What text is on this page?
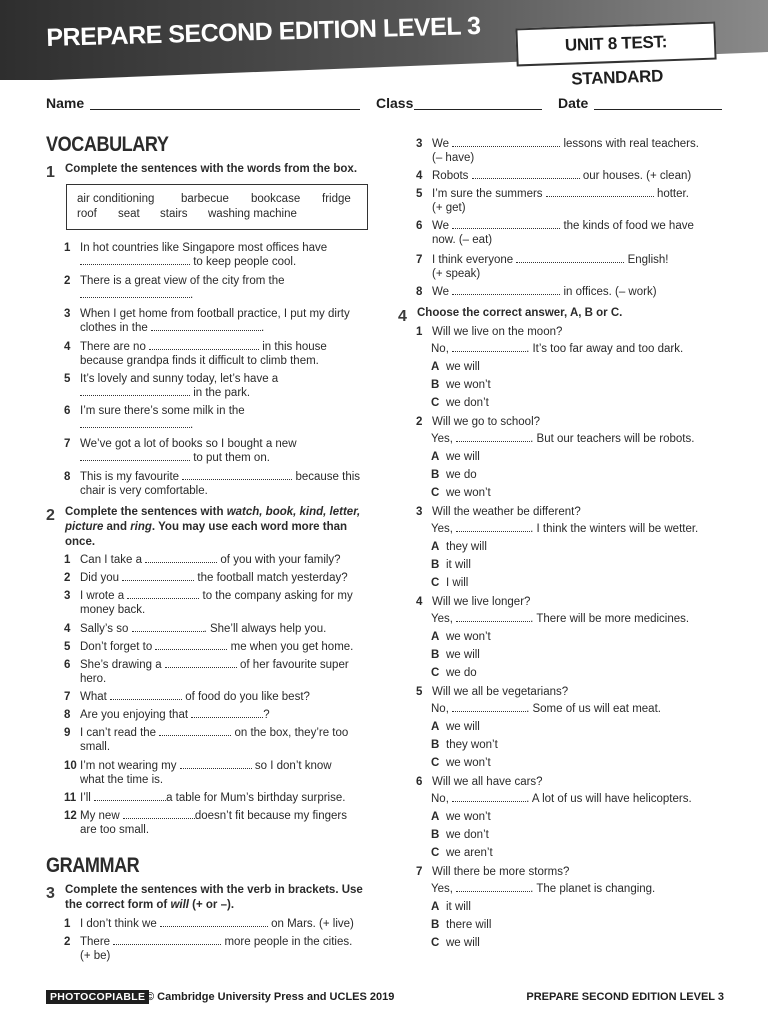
PREPARE SECOND EDITION LEVEL 3	UNIT 8 TEST: STANDARD
Name	Class	Date
VOCABULARY
1 Complete the sentences with the words from the box.
air conditioning barbecue bookcase fridge
roof seat stairs washing machine
1 In hot countries like Singapore most offices have
to keep people cool.
2 There is a great view of the city from the
.
3 When I get home from football practice, I put my dirty
clothes in the	.
4 There are no	in this house
because grandpa finds it difficult to climb them.
5 It’s lovely and sunny today, let’s have a
in the park.
6 I’m sure there’s some milk in the
.
7 We’ve got a lot of books so I bought a new
to put them on.
8 This is my favourite	because this
chair is very comfortable.
2 Complete the sentences with watch, book, kind, letter,
picture and ring. You may use each word more than
once.
1 Can I take a	of you with your family?
2 Did you	the football match yesterday?
3 I wrote a	to the company asking for my
money back.
4 Sally’s so	. She’ll always help you.
5 Don’t forget to	me when you get home.
6 She’s drawing a	of her favourite super
hero.
7 What	of food do you like best?
8 Are you enjoying that	?
9 I can’t read the	on the box, they’re too
small.
10 I’m not wearing my	so I don’t know
what the time is.
11 I’ll	a table for Mum’s birthday surprise.
12 My new	doesn’t fit because my fingers
are too small.
GRAMMAR
3 Complete the sentences with the verb in brackets. Use
the correct form of will (+ or –).
1 I don’t think we	on Mars. (+ live)
2 There	more people in the cities.
(+ be)
3 We	lessons with real teachers.
(– have)
4 Robots	our houses. (+ clean)
5 I’m sure the summers	hotter.
(+ get)
6 We	the kinds of food we have
now. (– eat)
7 I think everyone	English!
(+ speak)
8 We	in offices. (– work)
4 Choose the correct answer, A, B or C.
1 Will we live on the moon?
No,	. It’s too far away and too dark.
A we will
B we won’t
C we don’t
2 Will we go to school?
Yes,	. But our teachers will be robots.
A we will
B we do
C we won’t
3 Will the weather be different?
Yes,	. I think the winters will be wetter.
A they will
B it will
C I will
4 Will we live longer?
Yes,	. There will be more medicines.
A we won’t
B we will
C we do
5 Will we all be vegetarians?
No,	. Some of us will eat meat.
A we will
B they won’t
C we won’t
6 Will we all have cars?
No,	. A lot of us will have helicopters.
A we won’t
B we don’t
C we aren’t
7 Will there be more storms?
Yes,	. The planet is changing.
A it will
B there will
C we will
PHOTOCOPIABLE © Cambridge University Press and UCLES 2019	PREPARE SECOND EDITION LEVEL 3
